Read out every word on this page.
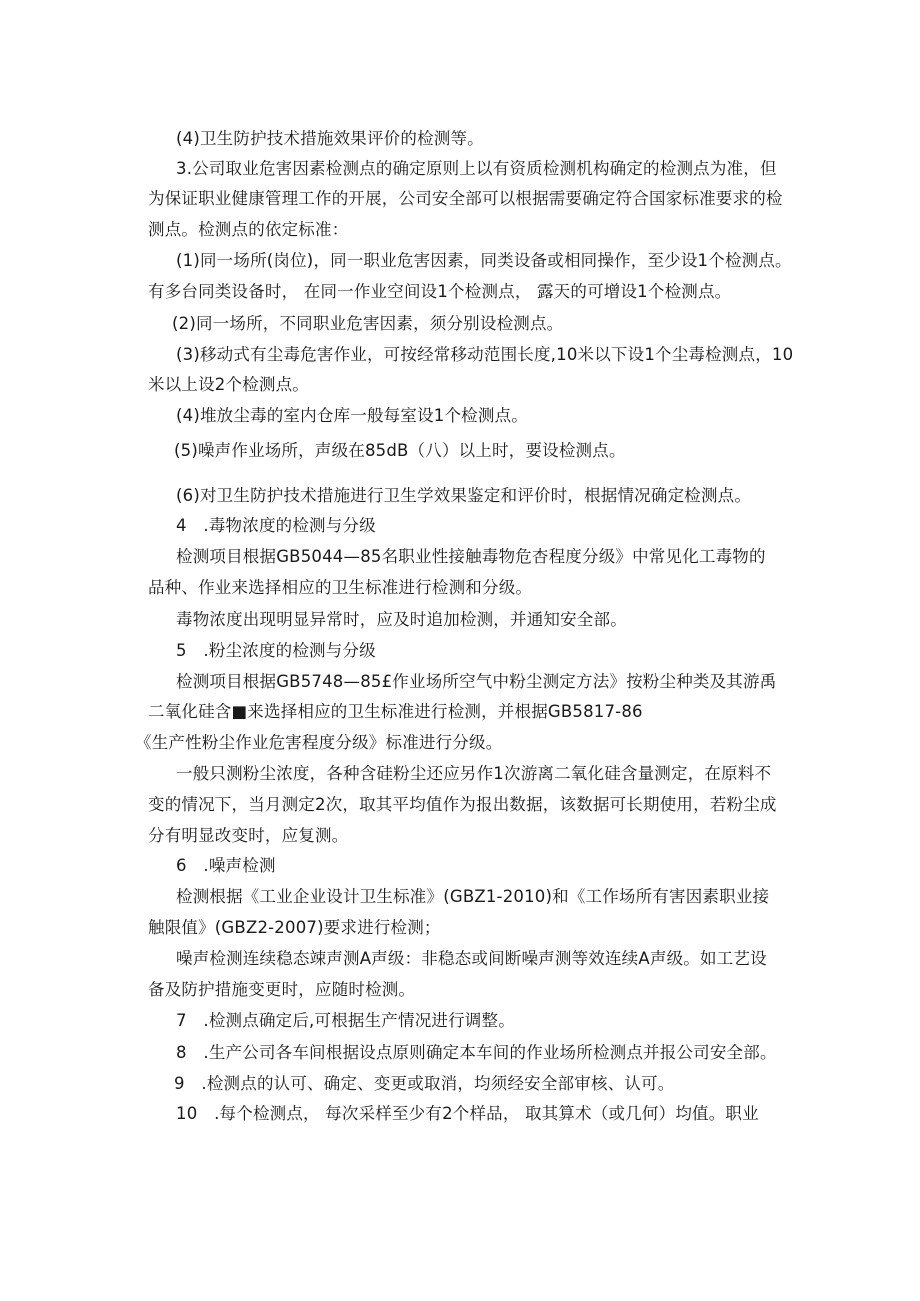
(4)卫生防护技术措施效果评价的检测等。
3.公司取业危害因素检测点的确定原则上以有资质检测机构确定的检测点为准，但
为保证职业健康管理工作的开展，公司安全部可以根据需要确定符合国家标准要求的检
测点。检测点的依定标准：
(1)同一场所(岗位)，同一职业危害因素，同类设备或相同操作，至少设1个检测点。
有多台同类设备时， 在同一作业空间设1个检测点， 露天的可增设1个检测点。
(2)同一场所，不同职业危害因素，须分别设检测点。
(3)移动式有尘毒危害作业，可按经常移动范围长度,10米以下设1个尘毒检测点，10
米以上设2个检测点。
(4)堆放尘毒的室内仓库一般每室设1个检测点。
(5)噪声作业场所，声级在85dB（八）以上时，要设检测点。
(6)对卫生防护技术措施进行卫生学效果鉴定和评价时，根据情况确定检测点。
4　.毒物浓度的检测与分级
检测项目根据GB5044—85名职业性接触毒物危杏程度分级》中常见化工毒物的
品种、作业来选择相应的卫生标准进行检测和分级。
毒物浓度出现明显异常时，应及时追加检测，并通知安全部。
5　.粉尘浓度的检测与分级
检测项目根据GB5748—85£作业场所空气中粉尘测定方法》按粉尘种类及其游禹
二氧化硅含■来选择相应的卫生标准进行检测，并根据GB5817-86
《生产性粉尘作业危害程度分级》标准进行分级。
一般只测粉尘浓度，各种含硅粉尘还应另作1次游离二氧化硅含量测定，在原料不
变的情况下，当月测定2次，取其平均值作为报出数据，该数据可长期使用，若粉尘成
分有明显改变时，应复测。
6　.噪声检测
检测根据《工业企业设计卫生标准》(GBZ1-2010)和《工作场所有害因素职业接
触限值》(GBZ2-2007)要求进行检测；
噪声检测连续稳态竦声测A声级：非稳态或间断噪声测等效连续A声级。如工艺设
备及防护措施变更时，应随时检测。
7　.检测点确定后,可根据生产情况进行调整。
8　.生产公司各车间根据设点原则确定本车间的作业场所检测点并报公司安全部。
9　.检测点的认可、确定、变更或取消，均须经安全部审核、认可。
10　.每个检测点， 每次采样至少有2个样品， 取其算术（或几何）均值。职业
